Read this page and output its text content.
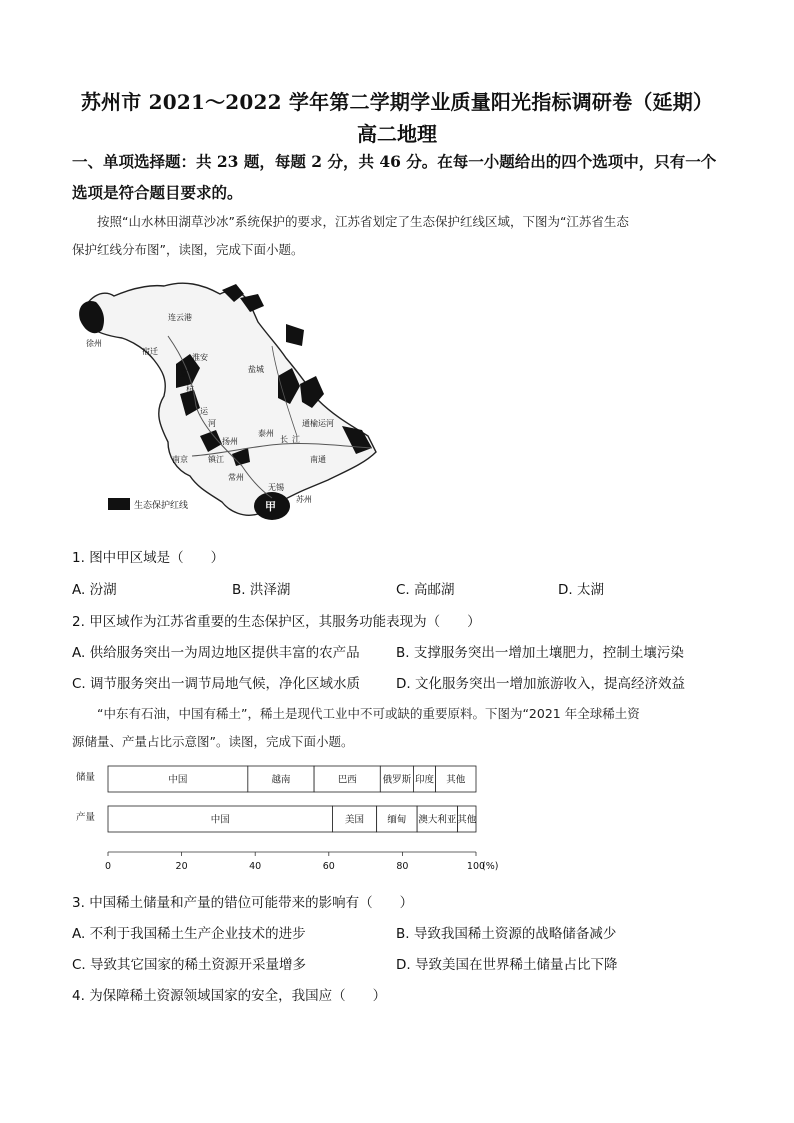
苏州市 2021～2022 学年第二学期学业质量阳光指标调研卷（延期）
高二地理
一、单项选择题：共 23 题，每题 2 分，共 46 分。在每一小题给出的四个选项中，只有一个
选项是符合题目要求的。
按照“山水林田湖草沙冰”系统保护的要求，江苏省划定了生态保护红线区域，下图为“江苏省生态
保护红线分布图”，读图，完成下面小题。
甲
连云港
宿迁
淮安
盐城
扬州
泰州
南通
镇江
南京
常州
无锡
苏州
徐州
京
杭
运
河
长 江
通榆运河
生态保护红线
1. 图中甲区域是（　　）
A. 汾湖	B. 洪泽湖	C. 高邮湖	D. 太湖
2. 甲区域作为江苏省重要的生态保护区，其服务功能表现为（　　）
A. 供给服务突出一为周边地区提供丰富的农产品	B. 支撑服务突出一增加土壤肥力，控制土壤污染
C. 调节服务突出一调节局地气候，净化区域水质	D. 文化服务突出一增加旅游收入，提高经济效益
“中东有石油，中国有稀土”，稀土是现代工业中不可或缺的重要原料。下图为“2021 年全球稀土资
源储量、产量占比示意图”。读图，完成下面小题。
储量
产量
中国	越南	巴西	俄罗斯 印度 其他
中国	美国 缅甸 澳大利亚 其他
0	20	40	60	80	100
(%)
3. 中国稀土储量和产量的错位可能带来的影响有（　　）
A. 不利于我国稀土生产企业技术的进步	B. 导致我国稀土资源的战略储备减少
C. 导致其它国家的稀土资源开采量增多	D. 导致美国在世界稀土储量占比下降
4. 为保障稀土资源领域国家的安全，我国应（　　）
